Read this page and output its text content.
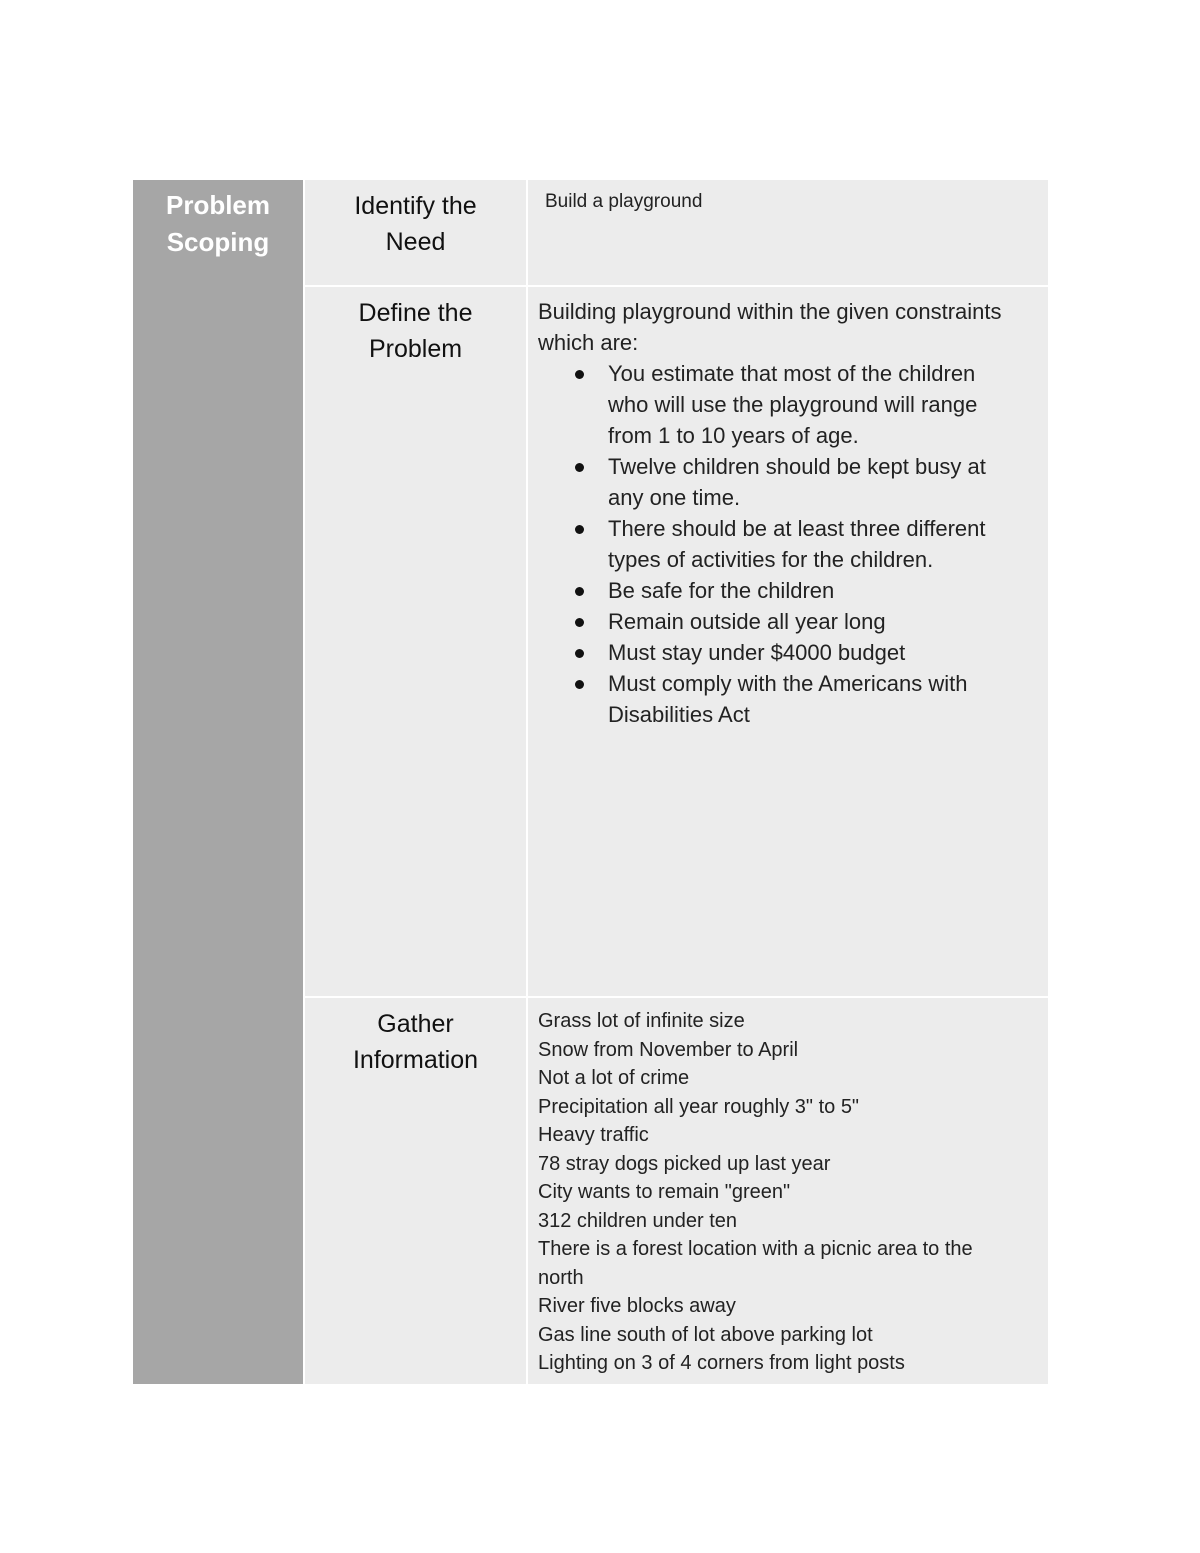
Problem
Scoping

Identify the
Need

Build a playground

Define the
Problem

Building playground within the given constraints
which are:

You estimate that most of the children
who will use the playground will range
from 1 to 10 years of age.
Twelve children should be kept busy at
any one time.
There should be at least three different
types of activities for the children.
Be safe for the children
Remain outside all year long
Must stay under $4000 budget
Must comply with the Americans with
Disabilities Act

Gather
Information

Grass lot of infinite size
Snow from November to April
Not a lot of crime
Precipitation all year roughly 3" to 5"
Heavy traffic
78 stray dogs picked up last year
City wants to remain "green"
312 children under ten
There is a forest location with a picnic area to the
north
River five blocks away
Gas line south of lot above parking lot
Lighting on 3 of 4 corners from light posts
